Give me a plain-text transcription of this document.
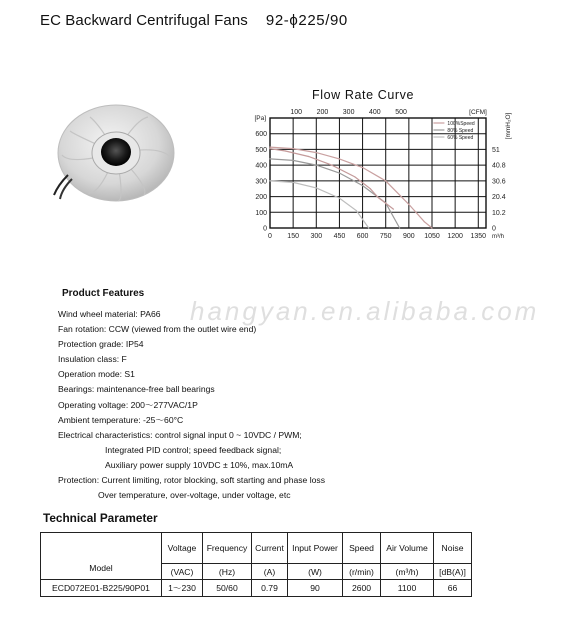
EC Backward Centrifugal Fans 92-ϕ225/90
Flow Rate Curve
0 150 300 450 600 750 900 1050 1200 1350 m³/h
0
100
200
300
400
500
600
[Pa]
100 200 300 400 500	[CFM]
0
10.2
20.4
30.6
40.8
51
[mmH₂O]
100%Speed
80% Speed
60% Speed
hangyan.en.alibaba.com
Product Features
Wind wheel material: PA66
Fan rotation: CCW (viewed from the outlet wire end)
Protection grade: IP54
Insulation class: F
Operation mode: S1
Bearings: maintenance-free ball bearings
Operating voltage: 200～277VAC/1P
Ambient temperature: -25～60°C
Electrical characteristics: control signal input 0 ~ 10VDC / PWM;
Integrated PID control; speed feedback signal;
Auxiliary power supply 10VDC ± 10%, max.10mA
Protection: Current limiting, rotor blocking, soft starting and phase loss
Over temperature, over-voltage, under voltage, etc
Technical Parameter
Model	Voltage	Frequency	Current	Input Power	Speed	Air Volume	Noise
	(VAC)	(Hz)	(A)	(W)	(r/min)	(m³/h)	[dB(A)]
ECD072E01-B225/90P01	1～230	50/60	0.79	90	2600	1100	66
